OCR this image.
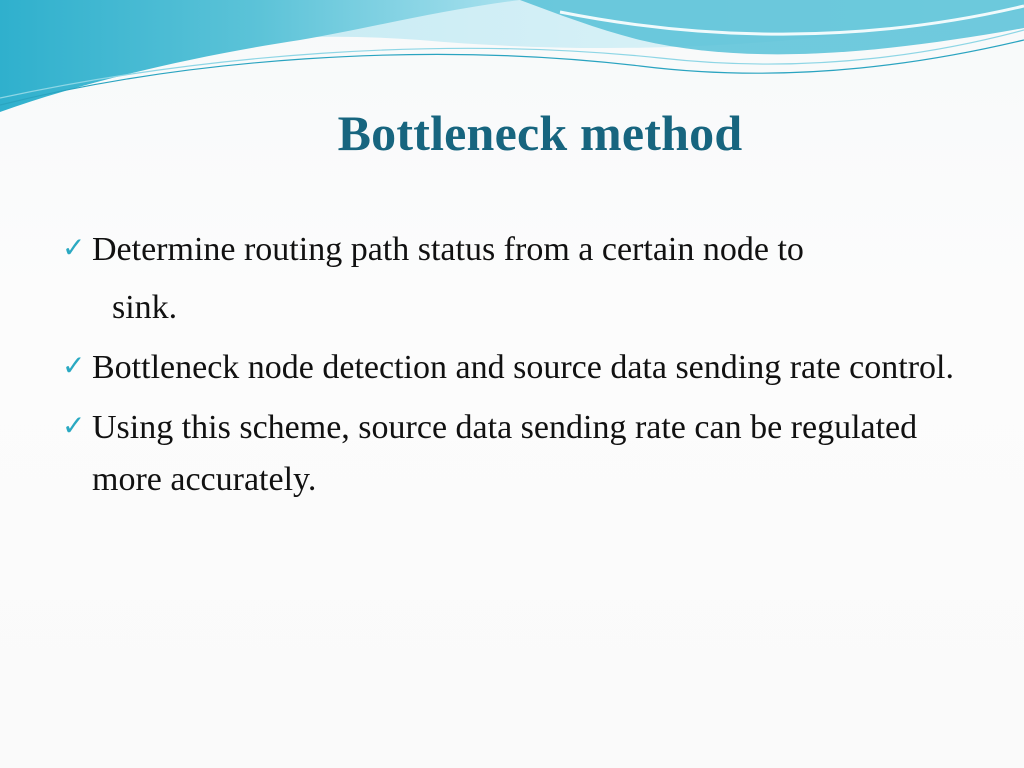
Bottleneck method
✓ Determine routing path status from a certain node to
sink.
✓ Bottleneck node detection and source data sending rate control.
✓ Using this scheme, source data sending rate can be regulated more accurately.
